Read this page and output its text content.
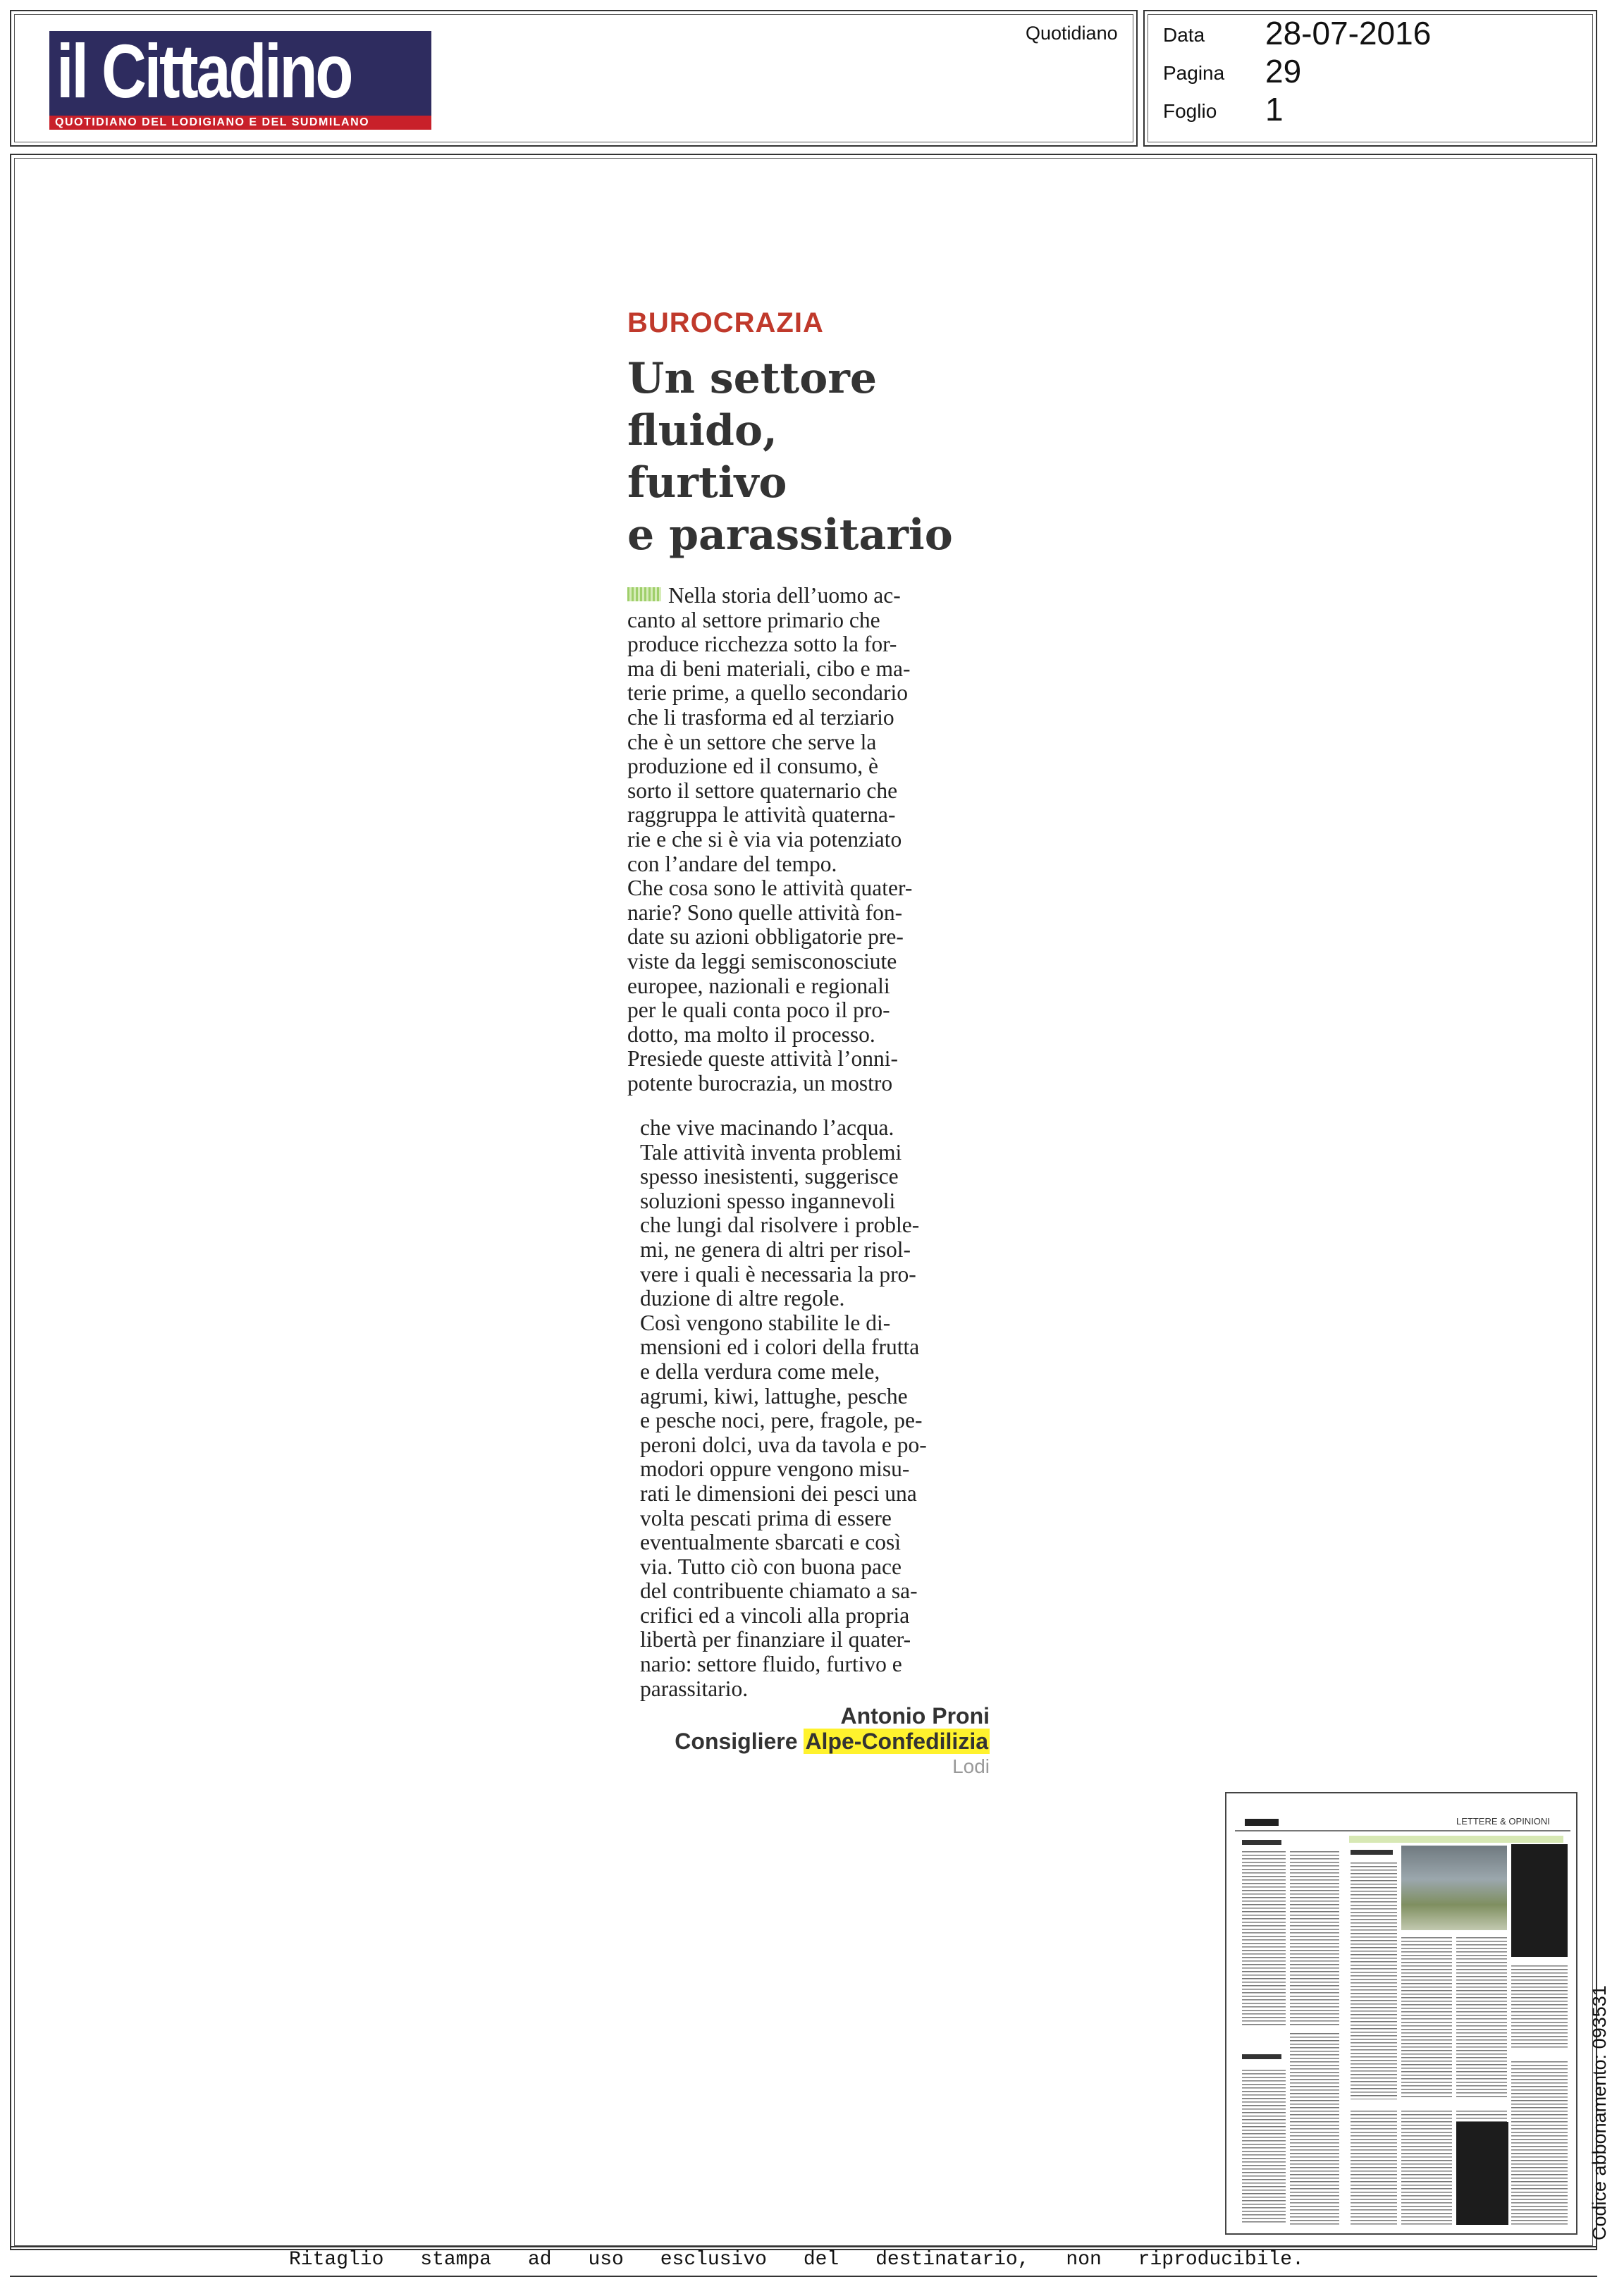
il Cittadino
QUOTIDIANO DEL LODIGIANO E DEL SUDMILANO
Quotidiano Data 28-07-2016
Pagina 29
Foglio 1
BUROCRAZIA
Un settore
fluido,
furtivo
e parassitario

Nella storia dell’uomo ac-
canto al settore primario che
produce ricchezza sotto la for-
ma di beni materiali, cibo e ma-
terie prime, a quello secondario
che li trasforma ed al terziario
che è un settore che serve la
produzione ed il consumo, è
sorto il settore quaternario che
raggruppa le attività quaterna-
rie e che si è via via potenziato
con l’andare del tempo.

Che cosa sono le attività quater-
narie? Sono quelle attività fon-
date su azioni obbligatorie pre-
viste da leggi semisconosciute
europee, nazionali e regionali
per le quali conta poco il pro-
dotto, ma molto il processo.
Presiede queste attività l’onni-
potente burocrazia, un mostro

che vive macinando l’acqua.
Tale attività inventa problemi
spesso inesistenti, suggerisce
soluzioni spesso ingannevoli
che lungi dal risolvere i proble-
mi, ne genera di altri per risol-
vere i quali è necessaria la pro-
duzione di altre regole.

Così vengono stabilite le di-
mensioni ed i colori della frutta
e della verdura come mele,
agrumi, kiwi, lattughe, pesche
e pesche noci, pere, fragole, pe-
peroni dolci, uva da tavola e po-
modori oppure vengono misu-
rati le dimensioni dei pesci una
volta pescati prima di essere
eventualmente sbarcati e così
via. Tutto ciò con buona pace
del contribuente chiamato a sa-
crifici ed a vincoli alla propria
libertà per finanziare il quater-
nario: settore fluido, furtivo e
parassitario.

Antonio Proni
Consigliere Alpe-Confedilizia
Lodi
LETTERE & OPINIONI
Codice abbonamento: 093531
Ritaglio stampa ad uso esclusivo del destinatario, non riproducibile.
